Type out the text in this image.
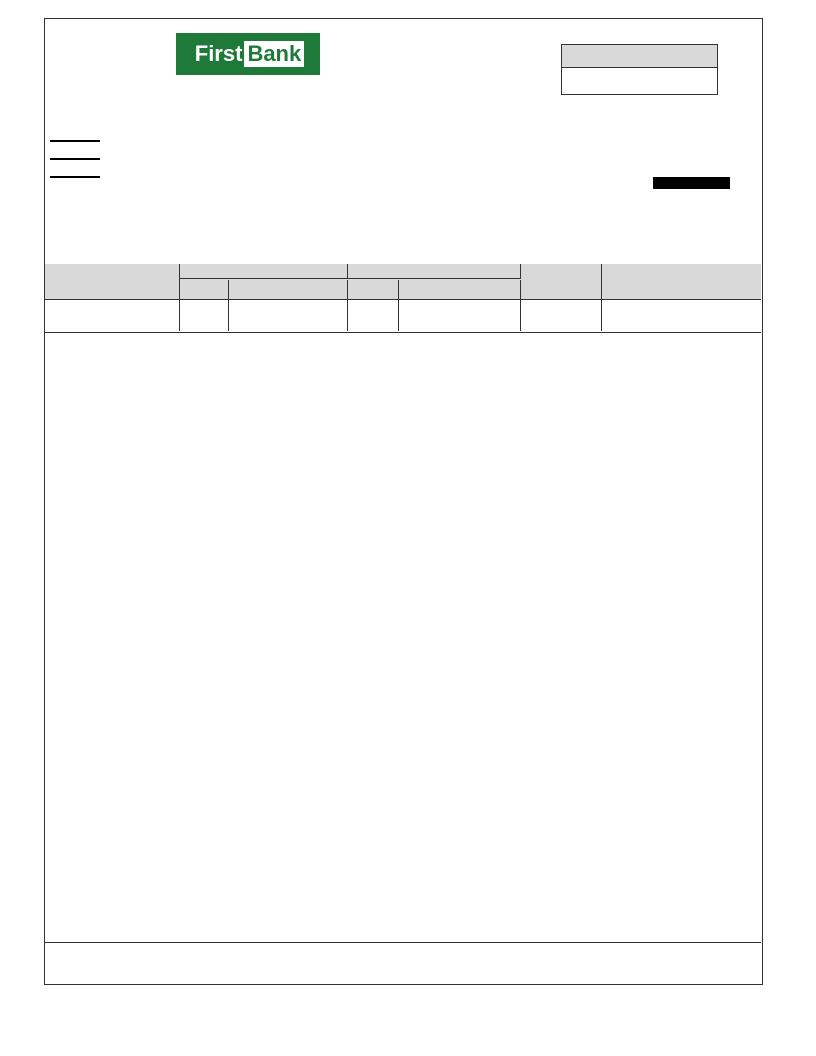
First Bank
